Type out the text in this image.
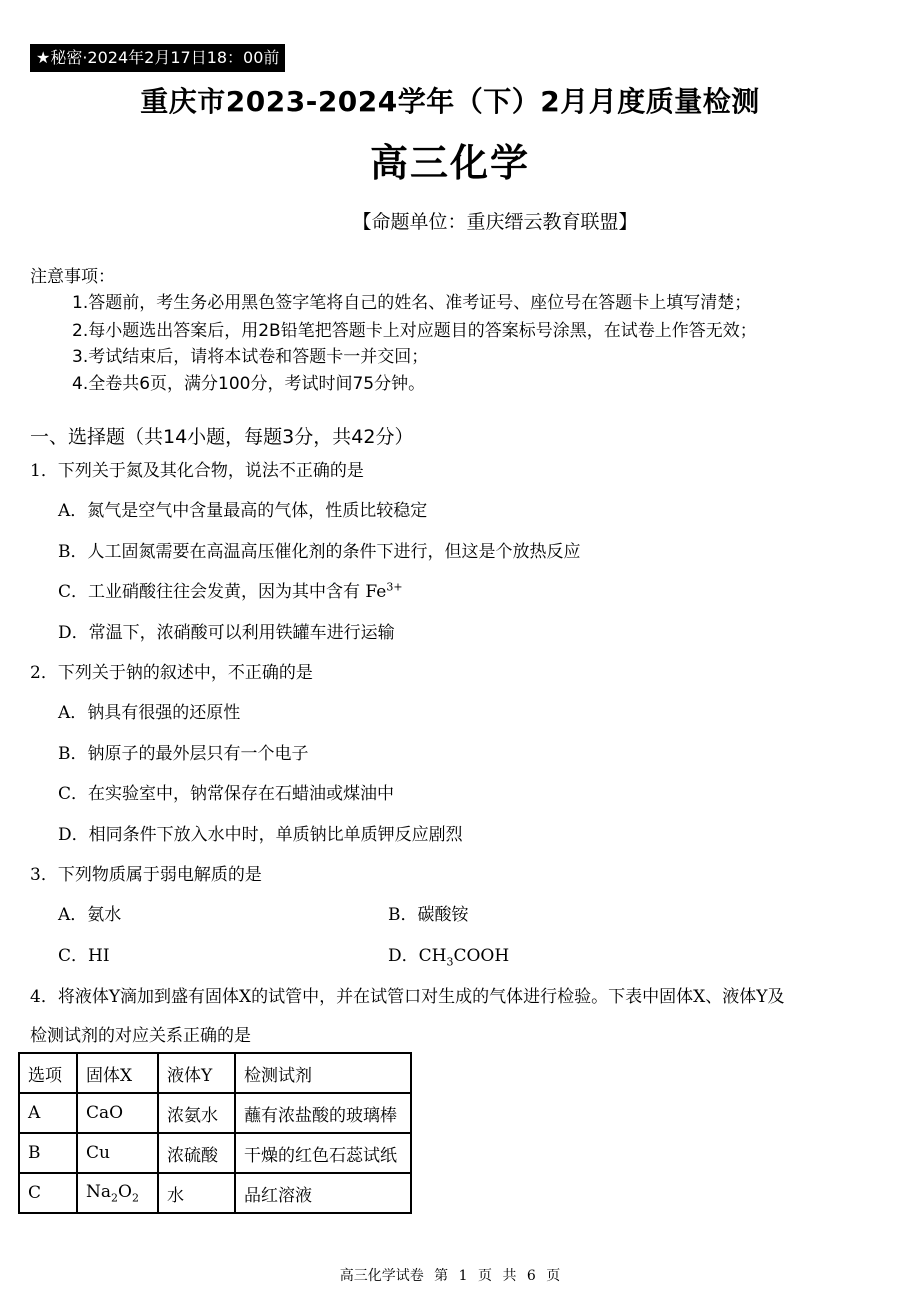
★秘密·2024年2月17日18：00前
重庆市2023-2024学年（下）2月月度质量检测
高三化学
【命题单位：重庆缙云教育联盟】
注意事项：
1.答题前，考生务必用黑色签字笔将自己的姓名、准考证号、座位号在答题卡上填写清楚；
2.每小题选出答案后，用2B铅笔把答题卡上对应题目的答案标号涂黑，在试卷上作答无效；
3.考试结束后，请将本试卷和答题卡一并交回；
4.全卷共6页，满分100分，考试时间75分钟。
一、选择题（共14小题，每题3分，共42分）
1．下列关于氮及其化合物，说法不正确的是
A．氮气是空气中含量最高的气体，性质比较稳定
B．人工固氮需要在高温高压催化剂的条件下进行，但这是个放热反应
C．工业硝酸往往会发黄，因为其中含有 $Fe^{3+}$
D．常温下，浓硝酸可以利用铁罐车进行运输
2．下列关于钠的叙述中，不正确的是
A．钠具有很强的还原性
B．钠原子的最外层只有一个电子
C．在实验室中，钠常保存在石蜡油或煤油中
D．相同条件下放入水中时，单质钠比单质钾反应剧烈
3．下列物质属于弱电解质的是
A．氨水	B．碳酸铵
C．HI	D．$CH_3COOH$
4．将液体Y滴加到盛有固体X的试管中，并在试管口对生成的气体进行检验。下表中固体X、液体Y及
检测试剂的对应关系正确的是
选项	固体X	液体Y	检测试剂
A	CaO	浓氨水	蘸有浓盐酸的玻璃棒
B	Cu	浓硫酸	干燥的红色石蕊试纸
C	$Na_2O_2$	水	品红溶液
高三化学试卷 第 1 页 共 6 页
